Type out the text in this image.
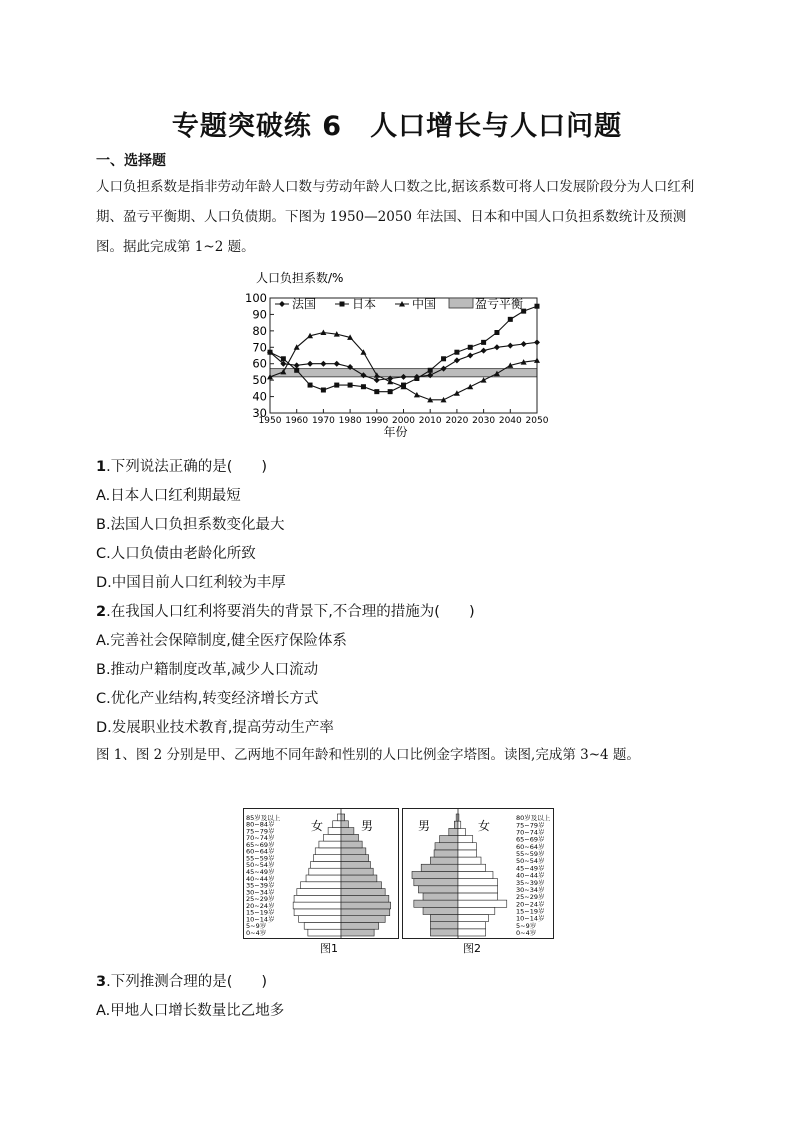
专题突破练 6　人口增长与人口问题
一、选择题
人口负担系数是指非劳动年龄人口数与劳动年龄人口数之比,据该系数可将人口发展阶段分为人口红利期、盈亏平衡期、人口负债期。下图为 1950—2050 年法国、日本和中国人口负担系数统计及预测图。据此完成第 1~2 题。
人口负担系数/%
30
40
50
60
70
80
90
100
1950 1960 1970 1980 1990 2000 2010 2020 2030 2040 2050
年份
法国	日本	中国	盈亏平衡
1.下列说法正确的是(　　)
A.日本人口红利期最短
B.法国人口负担系数变化最大
C.人口负债由老龄化所致
D.中国目前人口红利较为丰厚
2.在我国人口红利将要消失的背景下,不合理的措施为(　　)
A.完善社会保障制度,健全医疗保险体系
B.推动户籍制度改革,减少人口流动
C.优化产业结构,转变经济增长方式
D.发展职业技术教育,提高劳动生产率
图 1、图 2 分别是甲、乙两地不同年龄和性别的人口比例金字塔图。读图,完成第 3~4 题。
0~4岁
5~9岁
10~14岁
15~19岁
20~24岁
25~29岁
30~34岁
35~39岁
40~44岁
45~49岁
50~54岁
55~59岁
60~64岁
65~69岁
70~74岁
75~79岁
80~84岁
85岁及以上
女	男
图1
0~4岁
5~9岁
10~14岁
15~19岁
20~24岁
25~29岁
30~34岁
35~39岁
40~44岁
45~49岁
50~54岁
55~59岁
60~64岁
65~69岁
70~74岁
75~79岁
80岁及以上
男	女
图2
3.下列推测合理的是(　　)
A.甲地人口增长数量比乙地多
